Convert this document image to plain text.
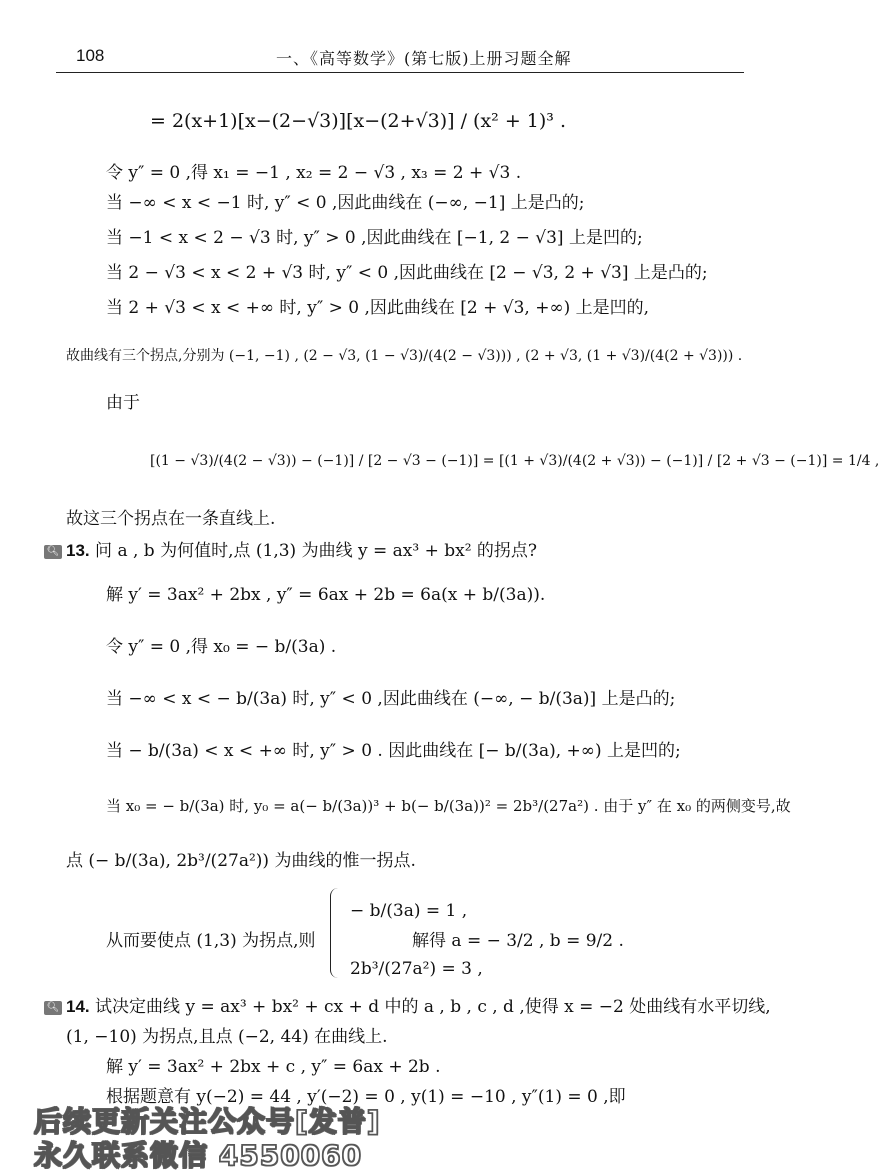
108	一、《高等数学》(第七版)上册习题全解
= 2(x+1)[x−(2−√3)][x−(2+√3)] / (x² + 1)³ .
令 y″ = 0 ,得 x₁ = −1 , x₂ = 2 − √3 , x₃ = 2 + √3 .
当 −∞ < x < −1 时, y″ < 0 ,因此曲线在 (−∞, −1] 上是凸的;
当 −1 < x < 2 − √3 时, y″ > 0 ,因此曲线在 [−1, 2 − √3] 上是凹的;
当 2 − √3 < x < 2 + √3 时, y″ < 0 ,因此曲线在 [2 − √3, 2 + √3] 上是凸的;
当 2 + √3 < x < +∞ 时, y″ > 0 ,因此曲线在 [2 + √3, +∞) 上是凹的,
故曲线有三个拐点,分别为 (−1, −1) , (2 − √3, (1 − √3)/(4(2 − √3))) , (2 + √3, (1 + √3)/(4(2 + √3))) .
由于
[(1 − √3)/(4(2 − √3)) − (−1)] / [2 − √3 − (−1)] = [(1 + √3)/(4(2 + √3)) − (−1)] / [2 + √3 − (−1)] = 1/4 ,
故这三个拐点在一条直线上.
🔍︎ 13. 问 a , b 为何值时,点 (1,3) 为曲线 y = ax³ + bx² 的拐点?
解 y′ = 3ax² + 2bx , y″ = 6ax + 2b = 6a(x + b/(3a)).
令 y″ = 0 ,得 x₀ = − b/(3a) .
当 −∞ < x < − b/(3a) 时, y″ < 0 ,因此曲线在 (−∞, − b/(3a)] 上是凸的;
当 − b/(3a) < x < +∞ 时, y″ > 0 . 因此曲线在 [− b/(3a), +∞) 上是凹的;
当 x₀ = − b/(3a) 时, y₀ = a(− b/(3a))³ + b(− b/(3a))² = 2b³/(27a²) . 由于 y″ 在 x₀ 的两侧变号,故
点 (− b/(3a), 2b³/(27a²)) 为曲线的惟一拐点.
− b/(3a) = 1 ,
从而要使点 (1,3) 为拐点,则	解得 a = − 3/2 , b = 9/2 .
2b³/(27a²) = 3 ,
🔍︎ 14. 试决定曲线 y = ax³ + bx² + cx + d 中的 a , b , c , d ,使得 x = −2 处曲线有水平切线,
(1, −10) 为拐点,且点 (−2, 44) 在曲线上.
解 y′ = 3ax² + 2bx + c , y″ = 6ax + 2b .
根据题意有 y(−2) = 44 , y′(−2) = 0 , y(1) = −10 , y″(1) = 0 ,即
后续更新关注公众号[发普]
永久联系微信 4550060
